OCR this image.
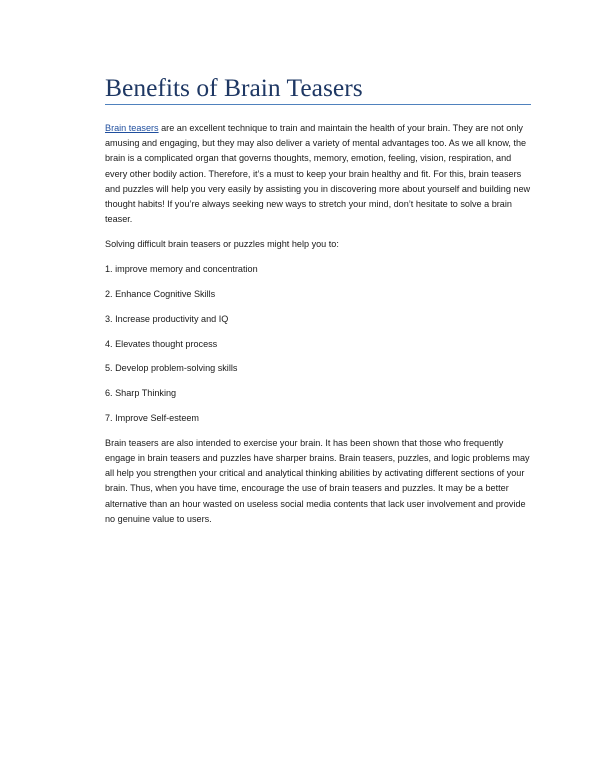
Benefits of Brain Teasers

Brain teasers are an excellent technique to train and maintain the health of your brain. They are not only amusing and engaging, but they may also deliver a variety of mental advantages too. As we all know, the brain is a complicated organ that governs thoughts, memory, emotion, feeling, vision, respiration, and every other bodily action. Therefore, it’s a must to keep your brain healthy and fit. For this, brain teasers and puzzles will help you very easily by assisting you in discovering more about yourself and building new thought habits! If you’re always seeking new ways to stretch your mind, don’t hesitate to solve a brain teaser.

Solving difficult brain teasers or puzzles might help you to:

1. improve memory and concentration
2. Enhance Cognitive Skills
3. Increase productivity and IQ
4. Elevates thought process
5. Develop problem-solving skills
6. Sharp Thinking
7. Improve Self-esteem

Brain teasers are also intended to exercise your brain. It has been shown that those who frequently engage in brain teasers and puzzles have sharper brains. Brain teasers, puzzles, and logic problems may all help you strengthen your critical and analytical thinking abilities by activating different sections of your brain. Thus, when you have time, encourage the use of brain teasers and puzzles. It may be a better alternative than an hour wasted on useless social media contents that lack user involvement and provide no genuine value to users.
